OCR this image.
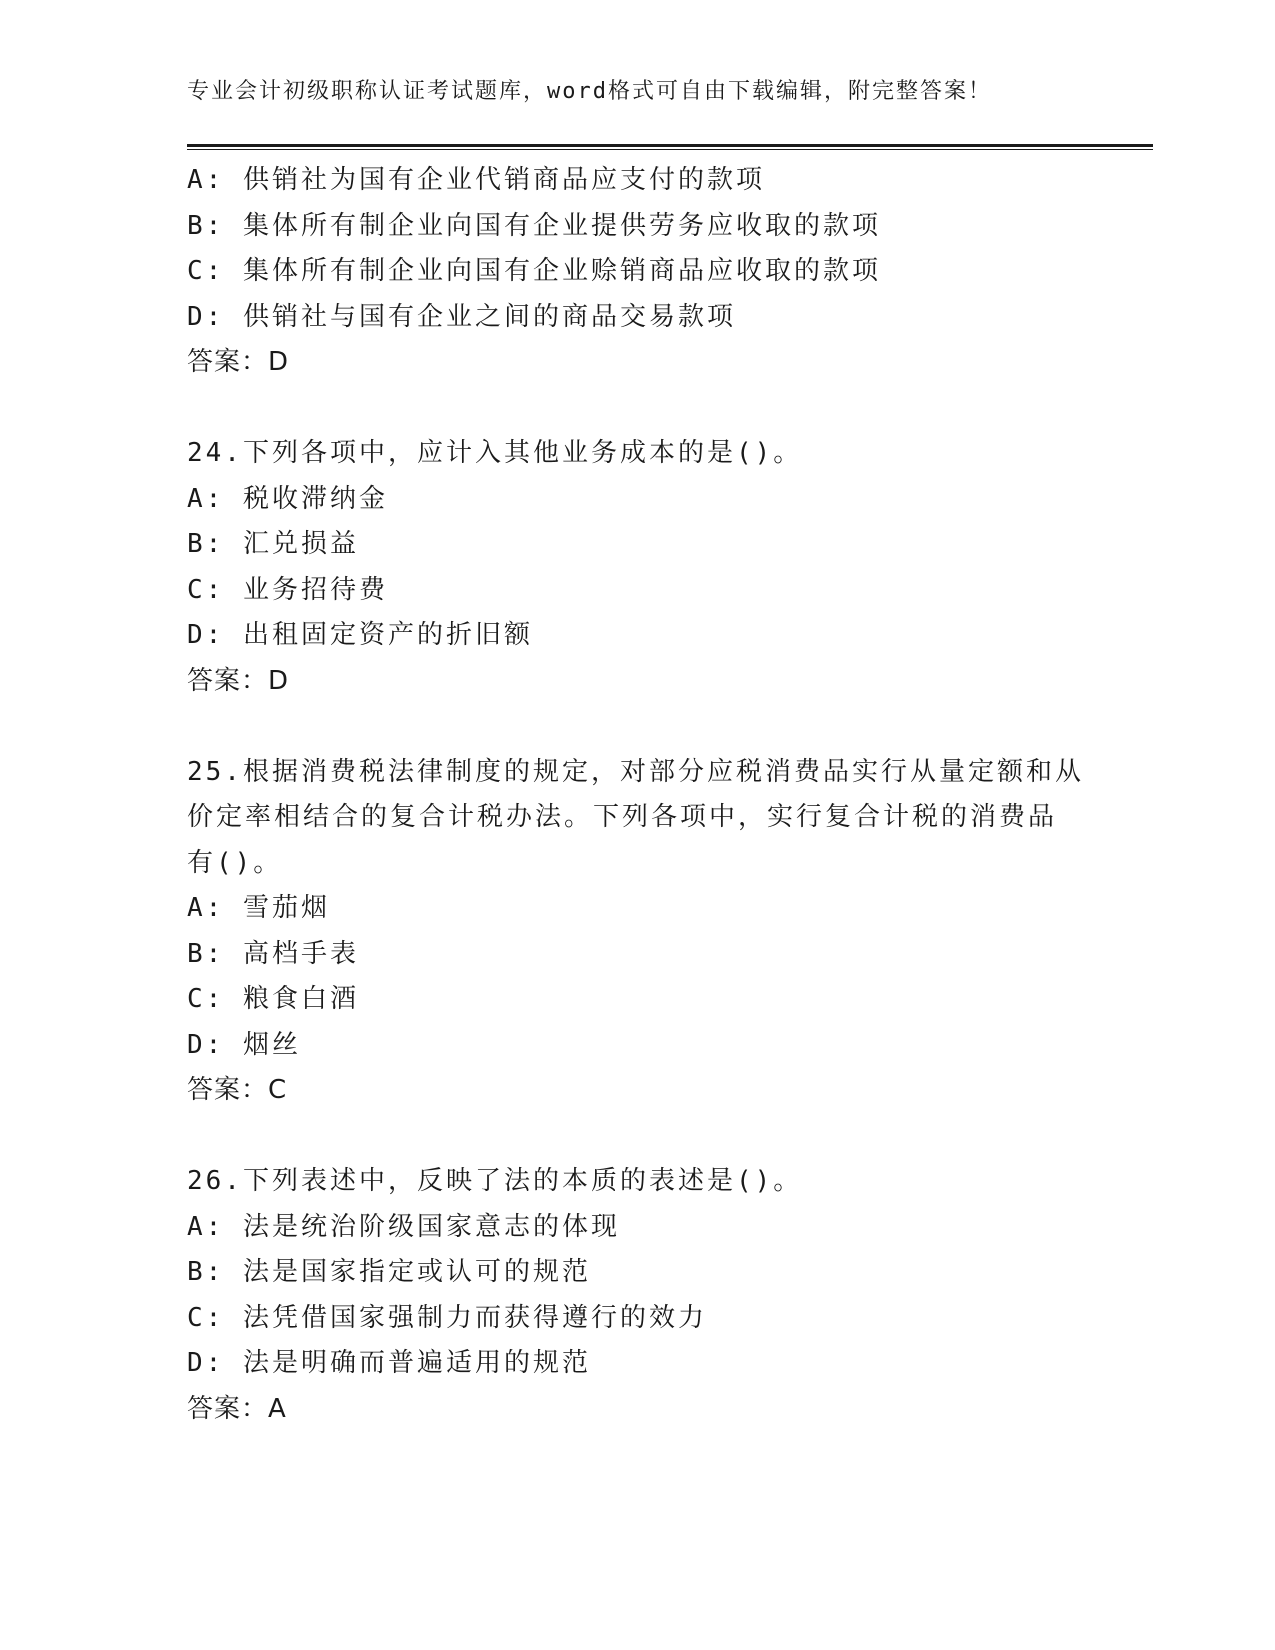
专业会计初级职称认证考试题库，word格式可自由下载编辑，附完整答案！
A: 供销社为国有企业代销商品应支付的款项
B: 集体所有制企业向国有企业提供劳务应收取的款项
C: 集体所有制企业向国有企业赊销商品应收取的款项
D: 供销社与国有企业之间的商品交易款项
答案：D
24.下列各项中，应计入其他业务成本的是()。
A: 税收滞纳金
B: 汇兑损益
C: 业务招待费
D: 出租固定资产的折旧额
答案：D
25.根据消费税法律制度的规定，对部分应税消费品实行从量定额和从
价定率相结合的复合计税办法。下列各项中，实行复合计税的消费品
有()。
A: 雪茄烟
B: 高档手表
C: 粮食白酒
D: 烟丝
答案：C
26.下列表述中，反映了法的本质的表述是()。
A: 法是统治阶级国家意志的体现
B: 法是国家指定或认可的规范
C: 法凭借国家强制力而获得遵行的效力
D: 法是明确而普遍适用的规范
答案：A
